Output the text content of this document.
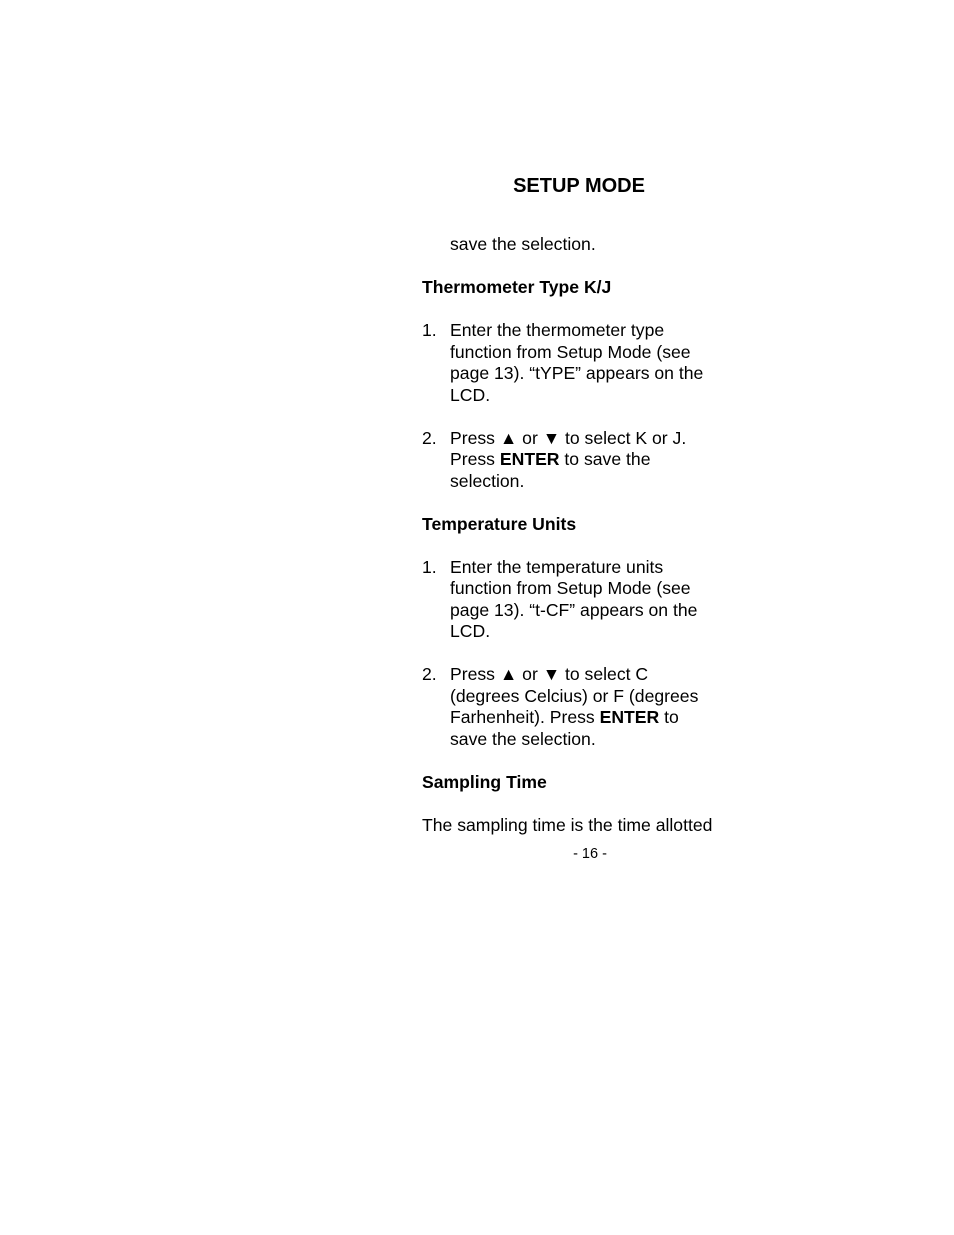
SETUP MODE

save the selection.

Thermometer Type K/J
1. Enter the thermometer type
function from Setup Mode (see
page 13). “tYPE” appears on the
LCD.
2. Press ▲ or ▼ to select K or J.
Press ENTER to save the
selection.
Temperature Units
1. Enter the temperature units
function from Setup Mode (see
page 13). “t-CF” appears on the
LCD.
2. Press ▲ or ▼ to select C
(degrees Celcius) or F (degrees
Farhenheit). Press ENTER to
save the selection.
Sampling Time

The sampling time is the time allotted

- 16 -
